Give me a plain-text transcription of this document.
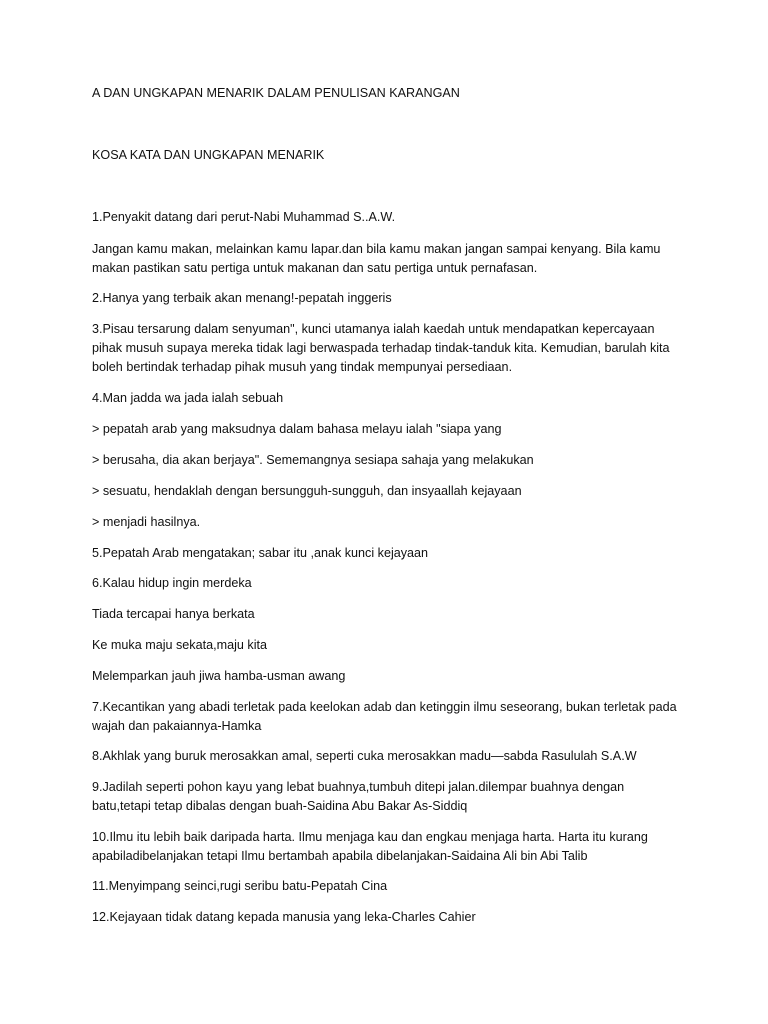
A DAN UNGKAPAN MENARIK DALAM PENULISAN KARANGAN

KOSA KATA DAN UNGKAPAN MENARIK

1.Penyakit datang dari perut-Nabi Muhammad S..A.W.

Jangan kamu makan, melainkan kamu lapar.dan bila kamu makan jangan sampai kenyang. Bila kamu makan pastikan satu pertiga untuk makanan dan satu pertiga untuk pernafasan.

2.Hanya yang terbaik akan menang!-pepatah inggeris

3.Pisau tersarung dalam senyuman", kunci utamanya ialah kaedah untuk mendapatkan kepercayaan pihak musuh supaya mereka tidak lagi berwaspada terhadap tindak-tanduk kita. Kemudian, barulah kita boleh bertindak terhadap pihak musuh yang tindak mempunyai persediaan.

4.Man jadda wa jada ialah sebuah

> pepatah arab yang maksudnya dalam bahasa melayu ialah "siapa yang

> berusaha, dia akan berjaya". Sememangnya sesiapa sahaja yang melakukan

> sesuatu, hendaklah dengan bersungguh-sungguh, dan insyaallah kejayaan

> menjadi hasilnya.

5.Pepatah Arab mengatakan; sabar itu ,anak kunci kejayaan

6.Kalau hidup ingin merdeka

Tiada tercapai hanya berkata

Ke muka maju sekata,maju kita

Melemparkan jauh jiwa hamba-usman awang

7.Kecantikan yang abadi terletak pada keelokan adab dan ketinggin ilmu seseorang, bukan terletak pada wajah dan pakaiannya-Hamka

8.Akhlak yang buruk merosakkan amal, seperti cuka merosakkan madu—sabda Rasululah S.A.W

9.Jadilah seperti pohon kayu yang lebat buahnya,tumbuh ditepi jalan.dilempar buahnya dengan batu,tetapi tetap dibalas dengan buah-Saidina Abu Bakar As-Siddiq

10.Ilmu itu lebih baik daripada harta. Ilmu menjaga kau dan engkau menjaga harta. Harta itu kurang apabiladibelanjakan tetapi Ilmu bertambah apabila dibelanjakan-Saidaina Ali bin Abi Talib

11.Menyimpang seinci,rugi seribu batu-Pepatah Cina

12.Kejayaan tidak datang kepada manusia yang leka-Charles Cahier
